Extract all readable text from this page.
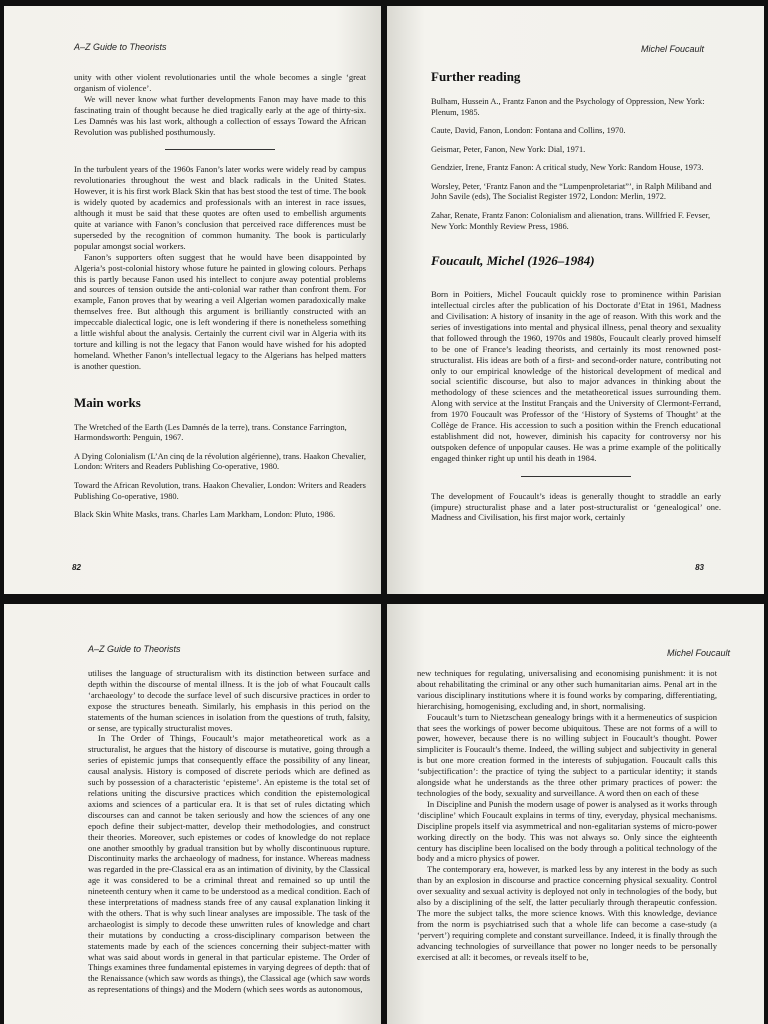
A–Z Guide to Theorists

unity with other violent revolutionaries until the whole becomes a single ‘great organism of violence’.

We will never know what further developments Fanon may have made to this fascinating train of thought because he died tragically early at the age of thirty-six. Les Damnés was his last work, although a collection of essays Toward the African Revolution was published posthumously.

In the turbulent years of the 1960s Fanon’s later works were widely read by campus revolutionaries throughout the west and black radicals in the United States. However, it is his first work Black Skin that has best stood the test of time. The book is widely quoted by academics and professionals with an interest in race issues, although it must be said that these quotes are often used to embellish arguments quite at variance with Fanon’s conclusion that perceived race differences must be superseded by the recognition of common humanity. The book is particularly popular amongst social workers.

Fanon’s supporters often suggest that he would have been disappointed by Algeria’s post-colonial history whose future he painted in glowing colours. Perhaps this is partly because Fanon used his intellect to conjure away potential problems and sources of tension outside the anti-colonial war rather than confront them. For example, Fanon proves that by wearing a veil Algerian women paradoxically make themselves free. But although this argument is brilliantly constructed with an impeccable dialectical logic, one is left wondering if there is nonetheless something a little wishful about the analysis. Certainly the current civil war in Algeria with its torture and killing is not the legacy that Fanon would have wished for his adopted homeland. Whether Fanon’s intellectual legacy to the Algerians has helped matters is another question.

Main works
The Wretched of the Earth (Les Damnés de la terre), trans. Constance Farrington, Harmondsworth: Penguin, 1967.
A Dying Colonialism (L’An cinq de la révolution algérienne), trans. Haakon Chevalier, London: Writers and Readers Publishing Co-operative, 1980.
Toward the African Revolution, trans. Haakon Chevalier, London: Writers and Readers Publishing Co-operative, 1980.
Black Skin White Masks, trans. Charles Lam Markham, London: Pluto, 1986.
82
Michel Foucault
Further reading
Bulham, Hussein A., Frantz Fanon and the Psychology of Oppression, New York: Plenum, 1985.
Caute, David, Fanon, London: Fontana and Collins, 1970.
Geismar, Peter, Fanon, New York: Dial, 1971.
Gendzier, Irene, Frantz Fanon: A critical study, New York: Random House, 1973.
Worsley, Peter, ‘Frantz Fanon and the “Lumpenproletariat”’, in Ralph Miliband and John Savile (eds), The Socialist Register 1972, London: Merlin, 1972.
Zahar, Renate, Frantz Fanon: Colonialism and alienation, trans. Willfried F. Fevser, New York: Monthly Review Press, 1986.
Foucault, Michel (1926–1984)

Born in Poitiers, Michel Foucault quickly rose to prominence within Parisian intellectual circles after the publication of his Doctorate d’Etat in 1961, Madness and Civilisation: A history of insanity in the age of reason. With this work and the series of investigations into mental and physical illness, penal theory and sexuality that followed through the 1960, 1970s and 1980s, Foucault clearly proved himself to be one of France’s leading theorists, and certainly its most renowned post-structuralist. His ideas are both of a first- and second-order nature, contributing not only to our empirical knowledge of the historical development of medical and social scientific discourse, but also to major advances in thinking about the methodology of these sciences and the metatheoretical issues surrounding them. Along with service at the Institut Français and the University of Clermont-Ferrand, from 1970 Foucault was Professor of the ‘History of Systems of Thought’ at the Collège de France. His accession to such a position within the French educational establishment did not, however, diminish his capacity for controversy nor his outspoken defence of unpopular causes. He was a prime example of the politically engaged thinker right up until his death in 1984.

The development of Foucault’s ideas is generally thought to straddle an early (impure) structuralist phase and a later post-structuralist or ‘genealogical’ one. Madness and Civilisation, his first major work, certainly

83
A–Z Guide to Theorists

utilises the language of structuralism with its distinction between surface and depth within the discourse of mental illness. It is the job of what Foucault calls ‘archaeology’ to decode the surface level of such discursive practices in order to expose the structures beneath. Similarly, his emphasis in this period on the statements of the human sciences in isolation from the questions of truth, falsity, or sense, are typically structuralist moves.

In The Order of Things, Foucault’s major metatheoretical work as a structuralist, he argues that the history of discourse is mutative, going through a series of epistemic jumps that consequently efface the possibility of any linear, causal analysis. History is composed of discrete periods which are defined as such by possession of a characteristic ‘episteme’. An episteme is the total set of relations uniting the discursive practices which condition the epistemological axioms and sciences of a particular era. It is that set of rules dictating which discourses can and cannot be taken seriously and how the sciences of any one epoch define their subject-matter, develop their methodologies, and construct their theories. Moreover, such epistemes or codes of knowledge do not replace one another smoothly by gradual transition but by wholly discontinuous rupture. Discontinuity marks the archaeology of madness, for instance. Whereas madness was regarded in the pre-Classical era as an intimation of divinity, by the Classical age it was considered to be a criminal threat and remained so up until the nineteenth century when it came to be understood as a medical condition. Each of these interpretations of madness stands free of any causal explanation linking it with the others. That is why such linear analyses are impossible. The task of the archaeologist is simply to decode these unwritten rules of knowledge and chart their mutations by conducting a cross-disciplinary comparison between the statements made by each of the sciences concerning their subject-matter with what was said about words in general in that particular episteme. The Order of Things examines three fundamental epistemes in varying degrees of depth: that of the Renaissance (which saw words as things), the Classical age (which saw words as representations of things) and the Modern (which sees words as autonomous,

Michel Foucault

new techniques for regulating, universalising and economising punishment: it is not about rehabilitating the criminal or any other such humanitarian aims. Penal art in the various disciplinary institutions where it is found works by comparing, differentiating, hierarchising, homogenising, excluding and, in short, normalising.

Foucault’s turn to Nietzschean genealogy brings with it a hermeneutics of suspicion that sees the workings of power become ubiquitous. These are not forms of a will to power, however, because there is no willing subject in Foucault’s thought. Power simpliciter is Foucault’s theme. Indeed, the willing subject and subjectivity in general is but one more creation formed in the interests of subjugation. Foucault calls this ‘subjectification’: the practice of tying the subject to a particular identity; it stands alongside what he understands as the three other primary practices of power: the technologies of the body, sexuality and surveillance. A word then on each of these

In Discipline and Punish the modern usage of power is analysed as it works through ‘discipline’ which Foucault explains in terms of tiny, everyday, physical mechanisms. Discipline propels itself via asymmetrical and non-egalitarian systems of micro-power working directly on the body. This was not always so. Only since the eighteenth century has discipline been localised on the body through a political technology of the body and a micro physics of power.

The contemporary era, however, is marked less by any interest in the body as such than by an explosion in discourse and practice concerning physical sexuality. Control over sexuality and sexual activity is deployed not only in technologies of the body, but also by a disciplining of the self, the latter peculiarly through therapeutic confession. The more the subject talks, the more science knows. With this knowledge, deviance from the norm is psychiatrised such that a whole life can become a case-study (a ‘pervert’) requiring complete and constant surveillance. Indeed, it is finally through the advancing technologies of surveillance that power no longer needs to be personally exercised at all: it becomes, or reveals itself to be,
